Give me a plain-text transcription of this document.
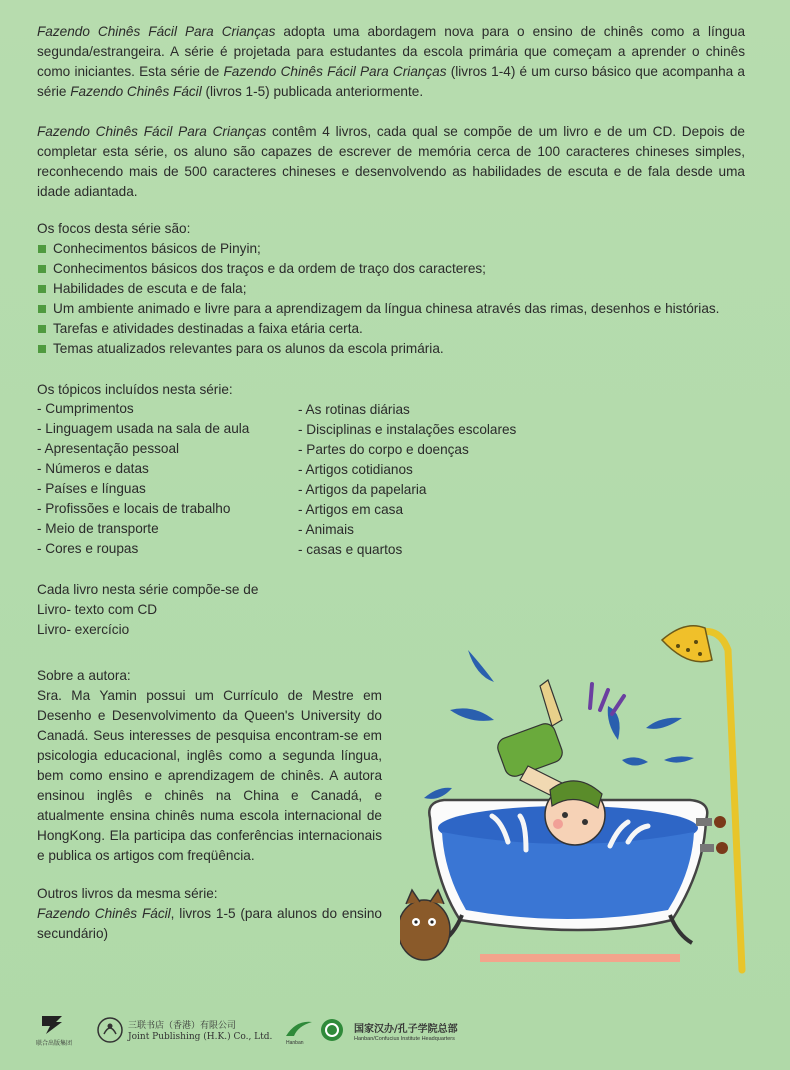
Fazendo Chinês Fácil Para Crianças adopta uma abordagem nova para o ensino de chinês como a língua segunda/estrangeira. A série é projetada para estudantes da escola primária que começam a aprender o chinês como iniciantes. Esta série de Fazendo Chinês Fácil Para Crianças (livros 1-4) é um curso básico que acompanha a série Fazendo Chinês Fácil (livros 1-5) publicada anteriormente.

Fazendo Chinês Fácil Para Crianças contêm 4 livros, cada qual se compõe de um livro e de um CD. Depois de completar esta série, os aluno são capazes de escrever de memória cerca de 100 caracteres chineses simples, reconhecendo mais de 500 caracteres chineses e desenvolvendo as habilidades de escuta e de fala desde uma idade adiantada.

Os focos desta série são:
Conhecimentos básicos de Pinyin;
Conhecimentos básicos dos traços e da ordem de traço dos caracteres;
Habilidades de escuta e de fala;
Um ambiente animado e livre para a aprendizagem da língua chinesa através das rimas, desenhos e histórias.
Tarefas e atividades destinadas a faixa etária certa.
Temas atualizados relevantes para os alunos da escola primária.
Os tópicos incluídos nesta série:
- Cumprimentos
- Linguagem usada na sala de aula
- Apresentação pessoal
- Números e datas
- Países e línguas
- Profissões e locais de trabalho
- Meio de transporte
- Cores e roupas
- As rotinas diárias
- Disciplinas e instalações escolares
- Partes do corpo e doenças
- Artigos cotidianos
- Artigos da papelaria
- Artigos em casa
- Animais
- casas e quartos
Cada livro nesta série compõe-se de
Livro- texto com CD
Livro- exercício
Sobre a autora:

Sra. Ma Yamin possui um Currículo de Mestre em Desenho e Desenvolvimento da Queen's University do Canadá. Seus interesses de pesquisa encontram-se em psicologia educacional, inglês como a segunda língua, bem como ensino e aprendizagem de chinês. A autora ensinou inglês e chinês na China e Canadá, e atualmente ensina chinês numa escola internacional de HongKong. Ela participa das conferências internacionais e publica os artigos com freqüência.

Outros livros da mesma série:

Fazendo Chinês Fácil, livros 1-5 (para alunos do ensino secundário)

联合出版集团
三联书店（香港）有限公司
Joint Publishing (H.K.) Co., Ltd.
Hanban
国家汉办/孔子学院总部
Hanban/Confucius Institute Headquarters
